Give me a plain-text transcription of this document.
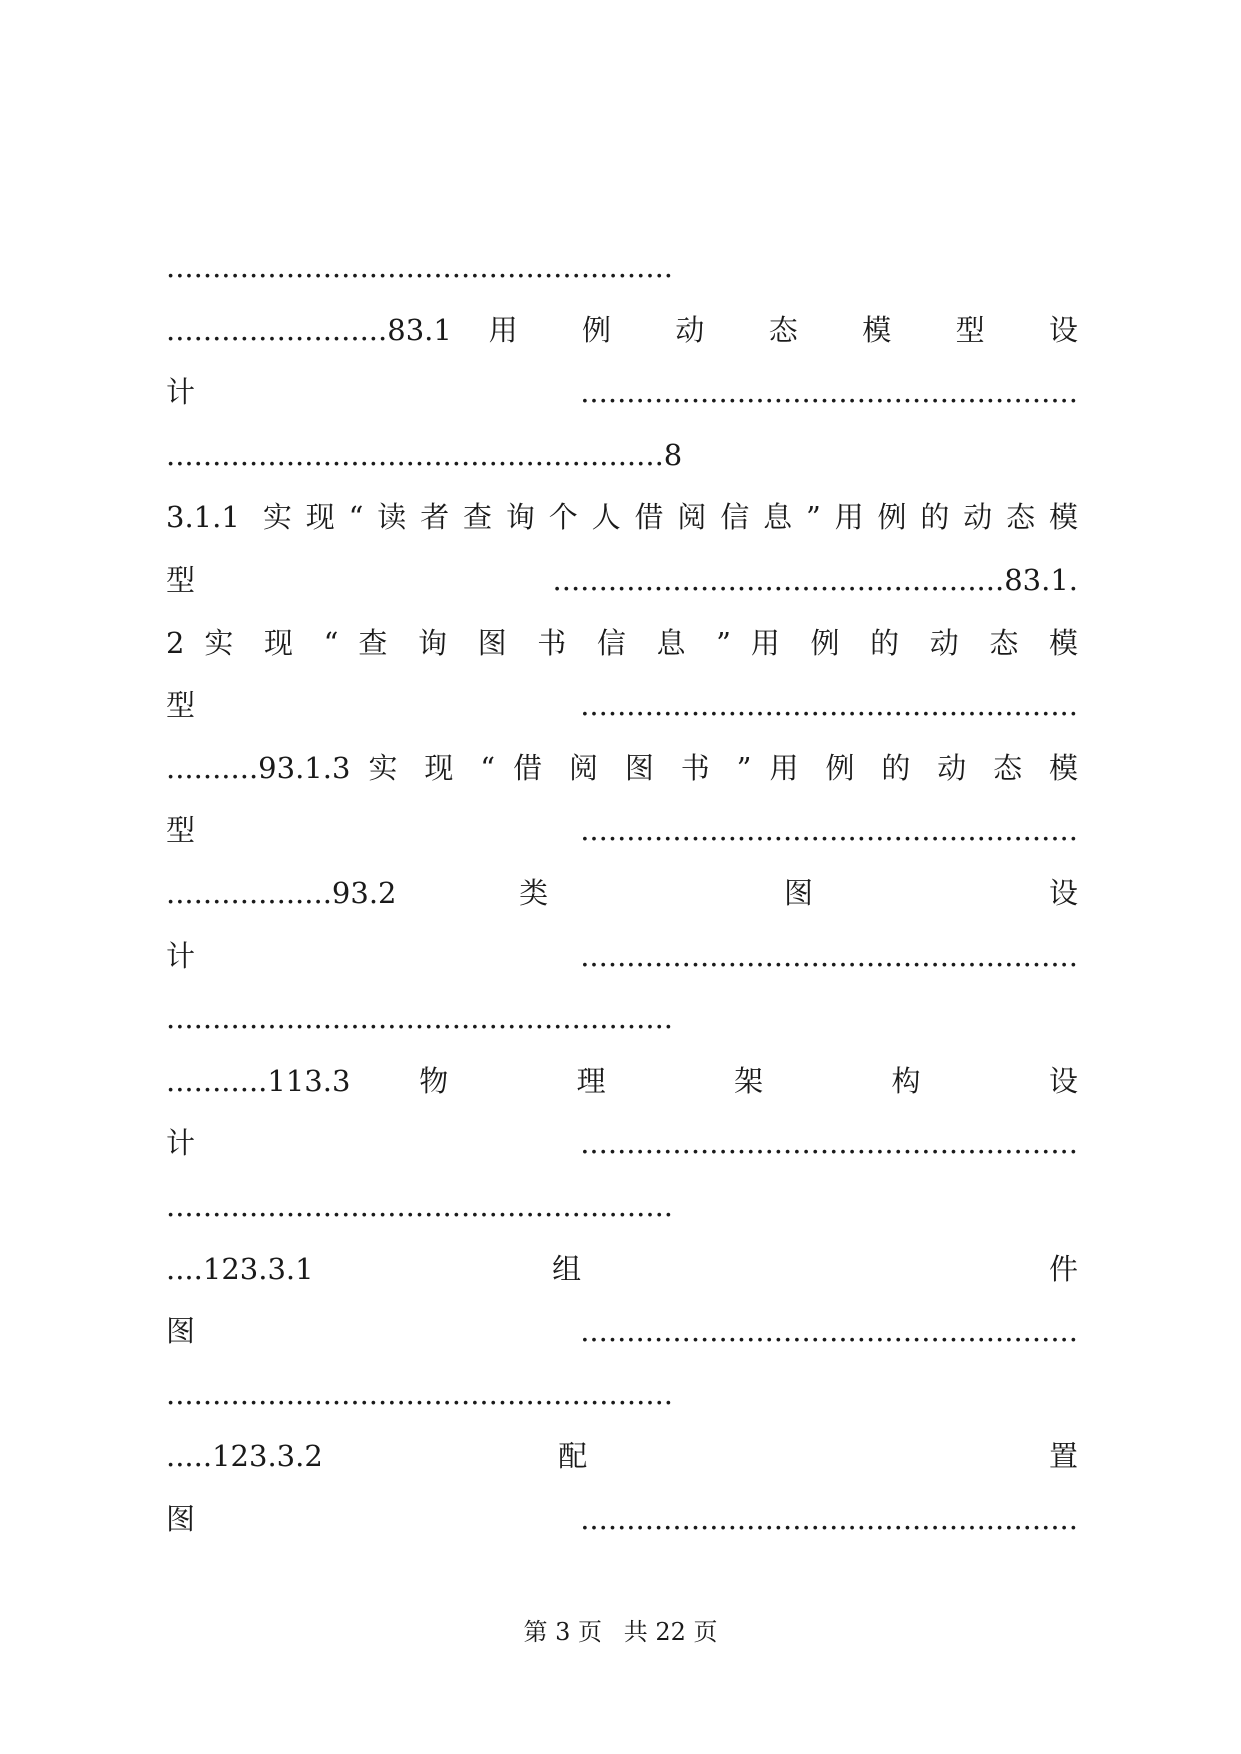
.......................................................
........................83.1 用 例 动 态 模 型 设
计......................................................
......................................................8
3.1.1 实现“读者查询个人借阅信息”用例的动态模
型.................................................83.1.
2 实 现 “ 查 询 图 书 信 息 ” 用 例 的 动 态 模
型......................................................
..........93.1.3 实 现 “ 借 阅 图 书 ” 用 例 的 动 态 模
型......................................................
..................93.2 类 图 设
计......................................................
.......................................................
...........113.3 物 理 架 构 设
计......................................................
.......................................................
....123.3.1 组 件
图......................................................
.......................................................
.....123.3.2 配 置
图......................................................
第 3 页 共 22 页
